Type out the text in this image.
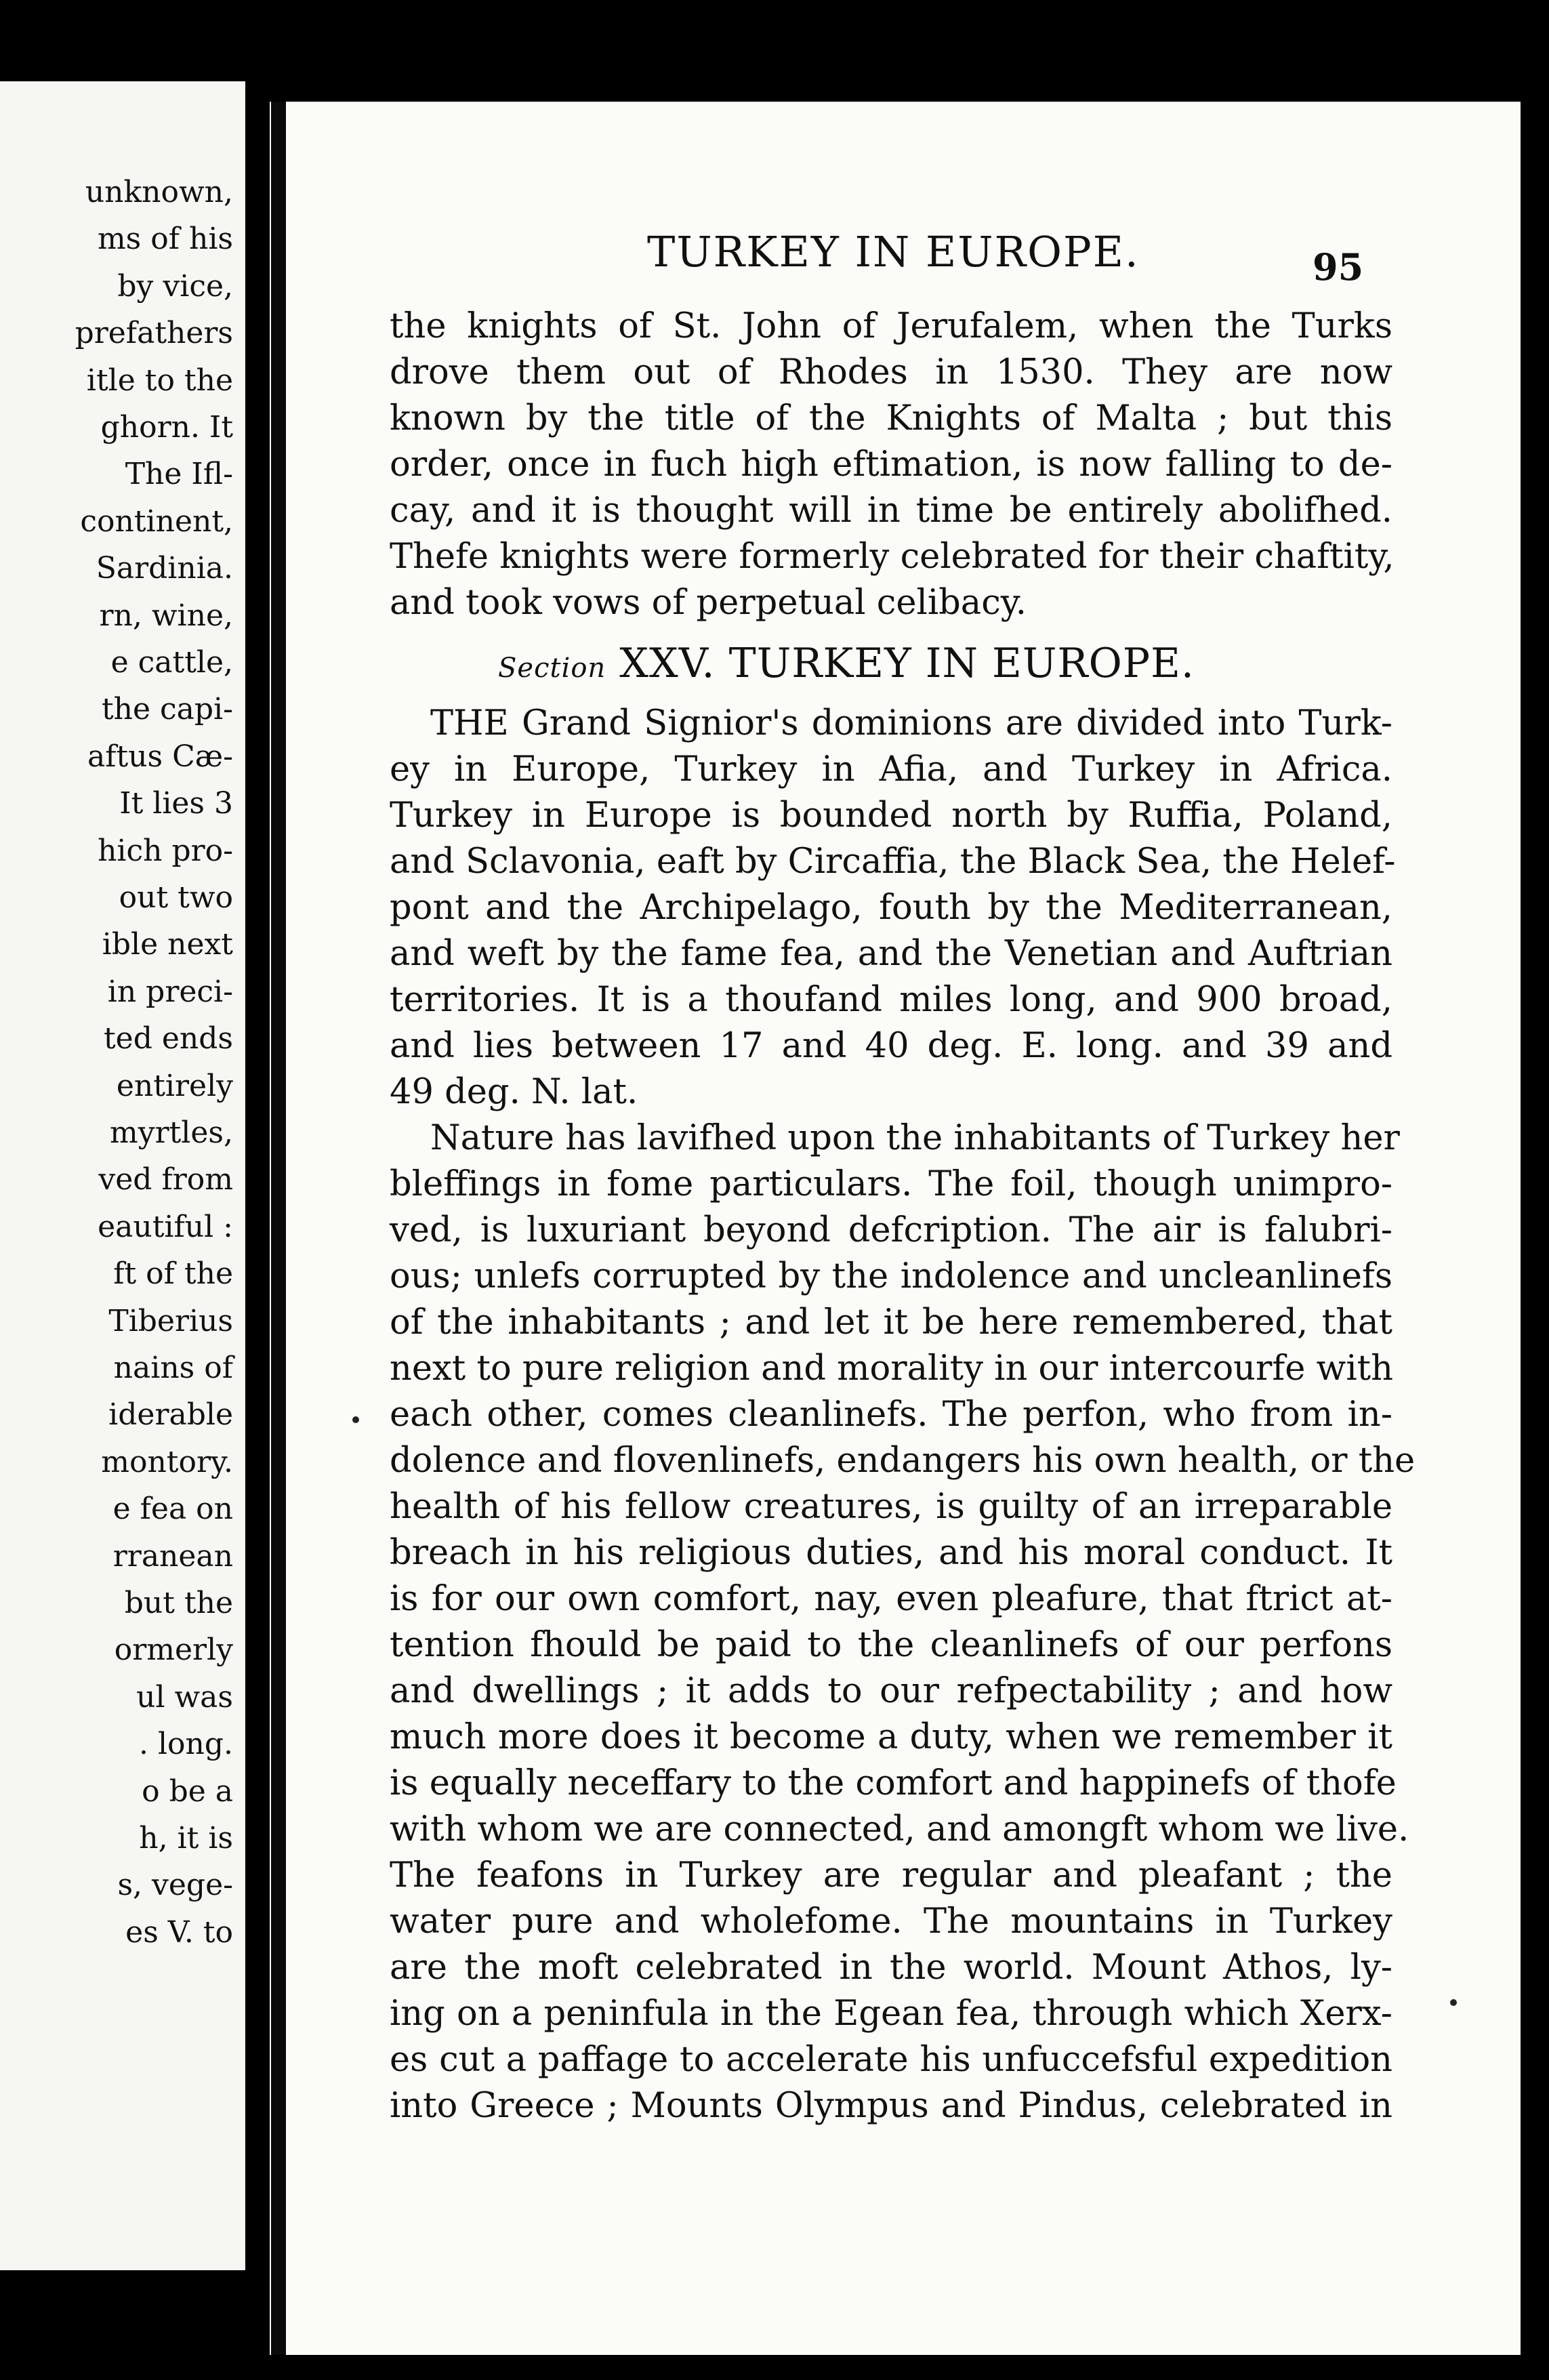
unknown,
ms of his
by vice,
prefathers
itle to the
ghorn. It
The Ifl-
continent,
Sardinia.
rn, wine,
e cattle,
the capi-
aftus Cæ-
It lies 3
hich pro-
out two
ible next
in preci-
ted ends
entirely
myrtles,
ved from
eautiful :
ft of the
Tiberius
nains of
iderable
montory.
e fea on
rranean
but the
ormerly
ul was
. long.
o be a
h, it is
s, vege-
es V. to
TURKEY IN EUROPE.	95
the knights of St. John of Jerufalem, when the Turks
drove them out of Rhodes in 1530. They are now
known by the title of the Knights of Malta ; but this
order, once in fuch high eftimation, is now falling to de-
cay, and it is thought will in time be entirely abolifhed.
Thefe knights were formerly celebrated for their chaftity,
and took vows of perpetual celibacy.
Section XXV. TURKEY IN EUROPE.
THE Grand Signior's dominions are divided into Turk-
ey in Europe, Turkey in Afia, and Turkey in Africa.
Turkey in Europe is bounded north by Ruffia, Poland,
and Sclavonia, eaft by Circaffia, the Black Sea, the Helef-
pont and the Archipelago, fouth by the Mediterranean,
and weft by the fame fea, and the Venetian and Auftrian
territories. It is a thoufand miles long, and 900 broad,
and lies between 17 and 40 deg. E. long. and 39 and
49 deg. N. lat.
Nature has lavifhed upon the inhabitants of Turkey her
bleffings in fome particulars. The foil, though unimpro-
ved, is luxuriant beyond defcription. The air is falubri-
ous; unlefs corrupted by the indolence and uncleanlinefs
of the inhabitants ; and let it be here remembered, that
next to pure religion and morality in our intercourfe with
each other, comes cleanlinefs. The perfon, who from in-
dolence and flovenlinefs, endangers his own health, or the
health of his fellow creatures, is guilty of an irreparable
breach in his religious duties, and his moral conduct. It
is for our own comfort, nay, even pleafure, that ftrict at-
tention fhould be paid to the cleanlinefs of our perfons
and dwellings ; it adds to our refpectability ; and how
much more does it become a duty, when we remember it
is equally neceffary to the comfort and happinefs of thofe
with whom we are connected, and amongft whom we live.
The feafons in Turkey are regular and pleafant ; the
water pure and wholefome. The mountains in Turkey
are the moft celebrated in the world. Mount Athos, ly-
ing on a peninfula in the Egean fea, through which Xerx-
es cut a paffage to accelerate his unfuccefsful expedition
into Greece ; Mounts Olympus and Pindus, celebrated in
